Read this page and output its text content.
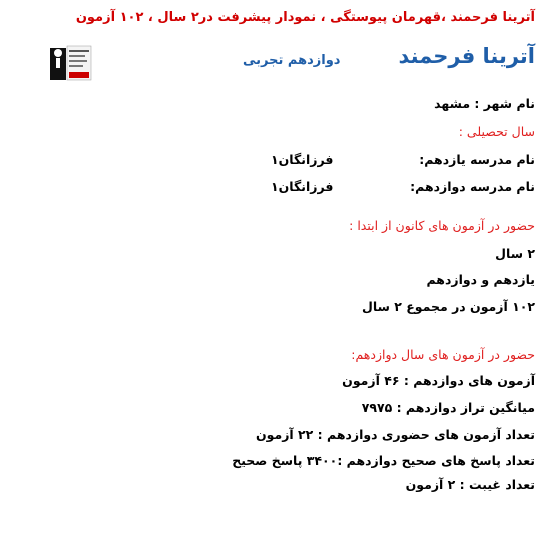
آترینا فرحمند ،قهرمان پیوستگی ، نمودار پیشرفت در۲ سال ، ۱۰۲ آزمون
آترینا فرحمند
دوازدهم تجربی
نام شهر : مشهد
سال تحصیلی :
نام مدرسه یازدهم:
فرزانگان۱
نام مدرسه دوازدهم:
فرزانگان۱
حضور در آزمون های کانون از ابتدا :
۲ سال
یازدهم و دوازدهم
۱۰۲ آزمون در مجموع ۲ سال
حضور در آزمون های سال دوازدهم:
آزمون های دوازدهم : ۴۶ آزمون
میانگین تراز دوازدهم : ۷۹۷۵
تعداد آزمون های حضوری دوازدهم : ۲۲ آزمون
تعداد پاسخ های صحیح دوازدهم :۳۴۰۰ پاسخ صحیح
تعداد غیبت : ۲ آزمون
